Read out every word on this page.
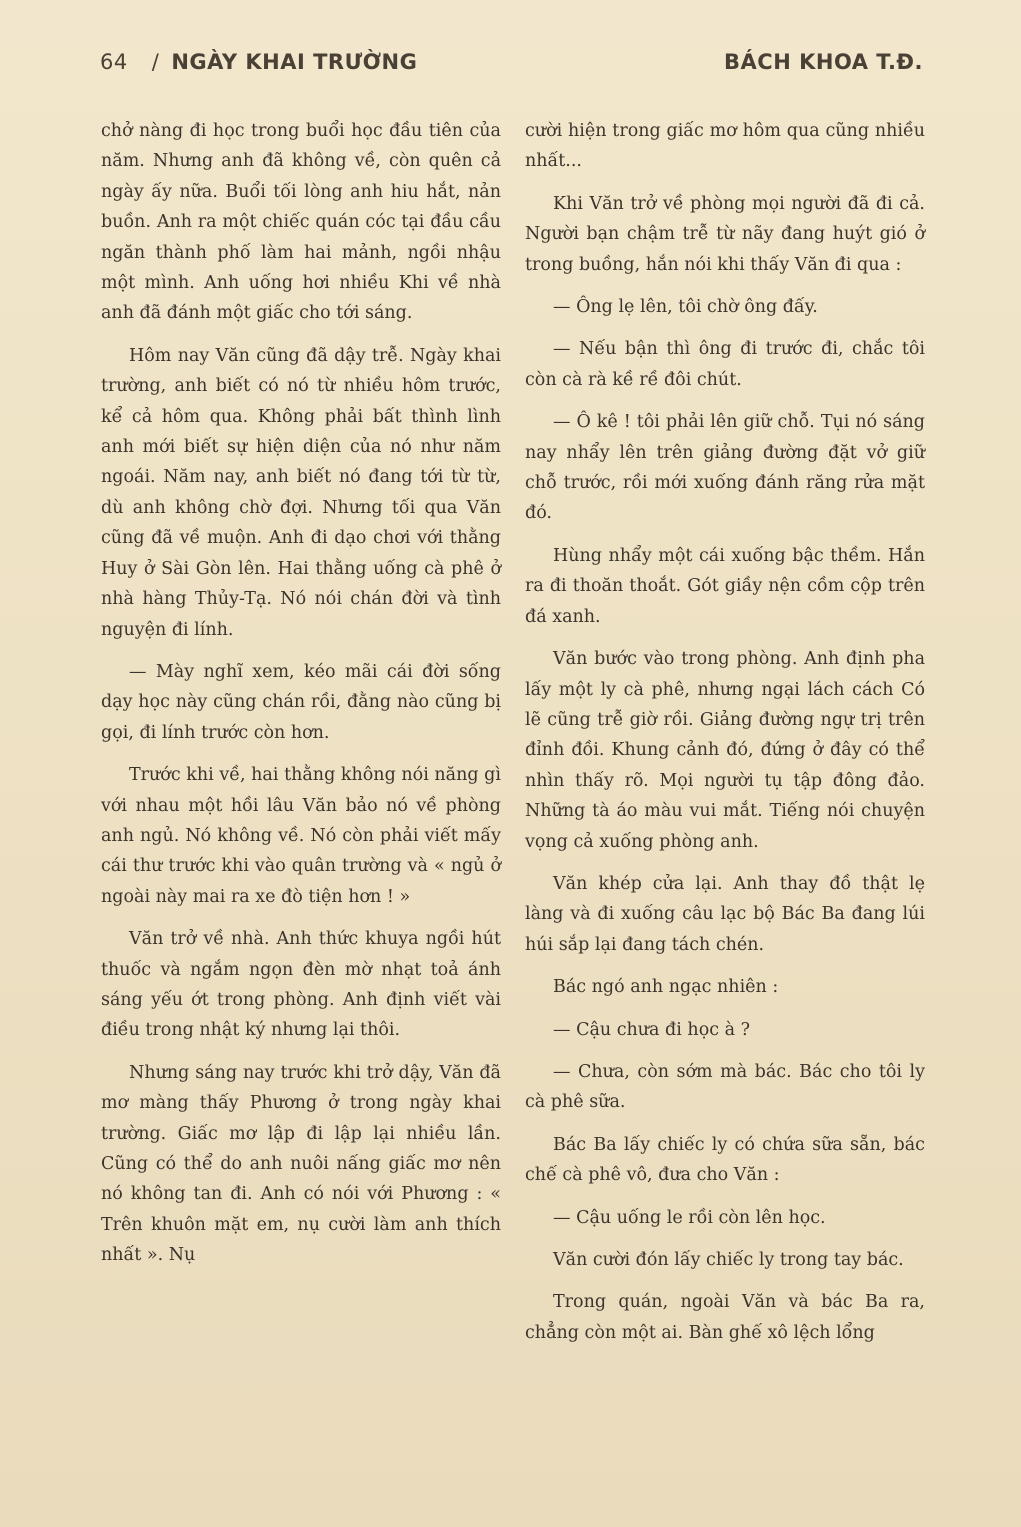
64 / NGÀY KHAI TRƯỜNG	BÁCH KHOA T.Đ.

chở nàng đi học trong buổi học đầu tiên của năm. Nhưng anh đã không về, còn quên cả ngày ấy nữa. Buổi tối lòng anh hiu hắt, nản buồn. Anh ra một chiếc quán cóc tại đầu cầu ngăn thành phố làm hai mảnh, ngồi nhậu một mình. Anh uống hơi nhiều Khi về nhà anh đã đánh một giấc cho tới sáng.

Hôm nay Văn cũng đã dậy trễ. Ngày khai trường, anh biết có nó từ nhiều hôm trước, kể cả hôm qua. Không phải bất thình lình anh mới biết sự hiện diện của nó như năm ngoái. Năm nay, anh biết nó đang tới từ từ, dù anh không chờ đợi. Nhưng tối qua Văn cũng đã về muộn. Anh đi dạo chơi với thằng Huy ở Sài Gòn lên. Hai thằng uống cà phê ở nhà hàng Thủy-Tạ. Nó nói chán đời và tình nguyện đi lính.

— Mày nghĩ xem, kéo mãi cái đời sống dạy học này cũng chán rồi, đằng nào cũng bị gọi, đi lính trước còn hơn.

Trước khi về, hai thằng không nói năng gì với nhau một hồi lâu Văn bảo nó về phòng anh ngủ. Nó không về. Nó còn phải viết mấy cái thư trước khi vào quân trường và « ngủ ở ngoài này mai ra xe đò tiện hơn ! »

Văn trở về nhà. Anh thức khuya ngồi hút thuốc và ngắm ngọn đèn mờ nhạt toả ánh sáng yếu ớt trong phòng. Anh định viết vài điều trong nhật ký nhưng lại thôi.

Nhưng sáng nay trước khi trở dậy, Văn đã mơ màng thấy Phương ở trong ngày khai trường. Giấc mơ lập đi lập lại nhiều lần. Cũng có thể do anh nuôi nấng giấc mơ nên nó không tan đi. Anh có nói với Phương : « Trên khuôn mặt em, nụ cười làm anh thích nhất ». Nụ

cười hiện trong giấc mơ hôm qua cũng nhiều nhất...

Khi Văn trở về phòng mọi người đã đi cả. Người bạn chậm trễ từ nãy đang huýt gió ở trong buồng, hắn nói khi thấy Văn đi qua :

— Ông lẹ lên, tôi chờ ông đấy.

— Nếu bận thì ông đi trước đi, chắc tôi còn cà rà kề rề đôi chút.

— Ô kê ! tôi phải lên giữ chỗ. Tụi nó sáng nay nhẩy lên trên giảng đường đặt vở giữ chỗ trước, rồi mới xuống đánh răng rửa mặt đó.

Hùng nhẩy một cái xuống bậc thềm. Hắn ra đi thoăn thoắt. Gót giầy nện cồm cộp trên đá xanh.

Văn bước vào trong phòng. Anh định pha lấy một ly cà phê, nhưng ngại lách cách Có lẽ cũng trễ giờ rồi. Giảng đường ngự trị trên đỉnh đồi. Khung cảnh đó, đứng ở đây có thể nhìn thấy rõ. Mọi người tụ tập đông đảo. Những tà áo màu vui mắt. Tiếng nói chuyện vọng cả xuống phòng anh.

Văn khép cửa lại. Anh thay đồ thật lẹ làng và đi xuống câu lạc bộ Bác Ba đang lúi húi sắp lại đang tách chén.

Bác ngó anh ngạc nhiên :

— Cậu chưa đi học à ?

— Chưa, còn sớm mà bác. Bác cho tôi ly cà phê sữa.

Bác Ba lấy chiếc ly có chứa sữa sẵn, bác chế cà phê vô, đưa cho Văn :

— Cậu uống le rồi còn lên học.

Văn cười đón lấy chiếc ly trong tay bác.

Trong quán, ngoài Văn và bác Ba ra, chẳng còn một ai. Bàn ghế xô lệch lổng
